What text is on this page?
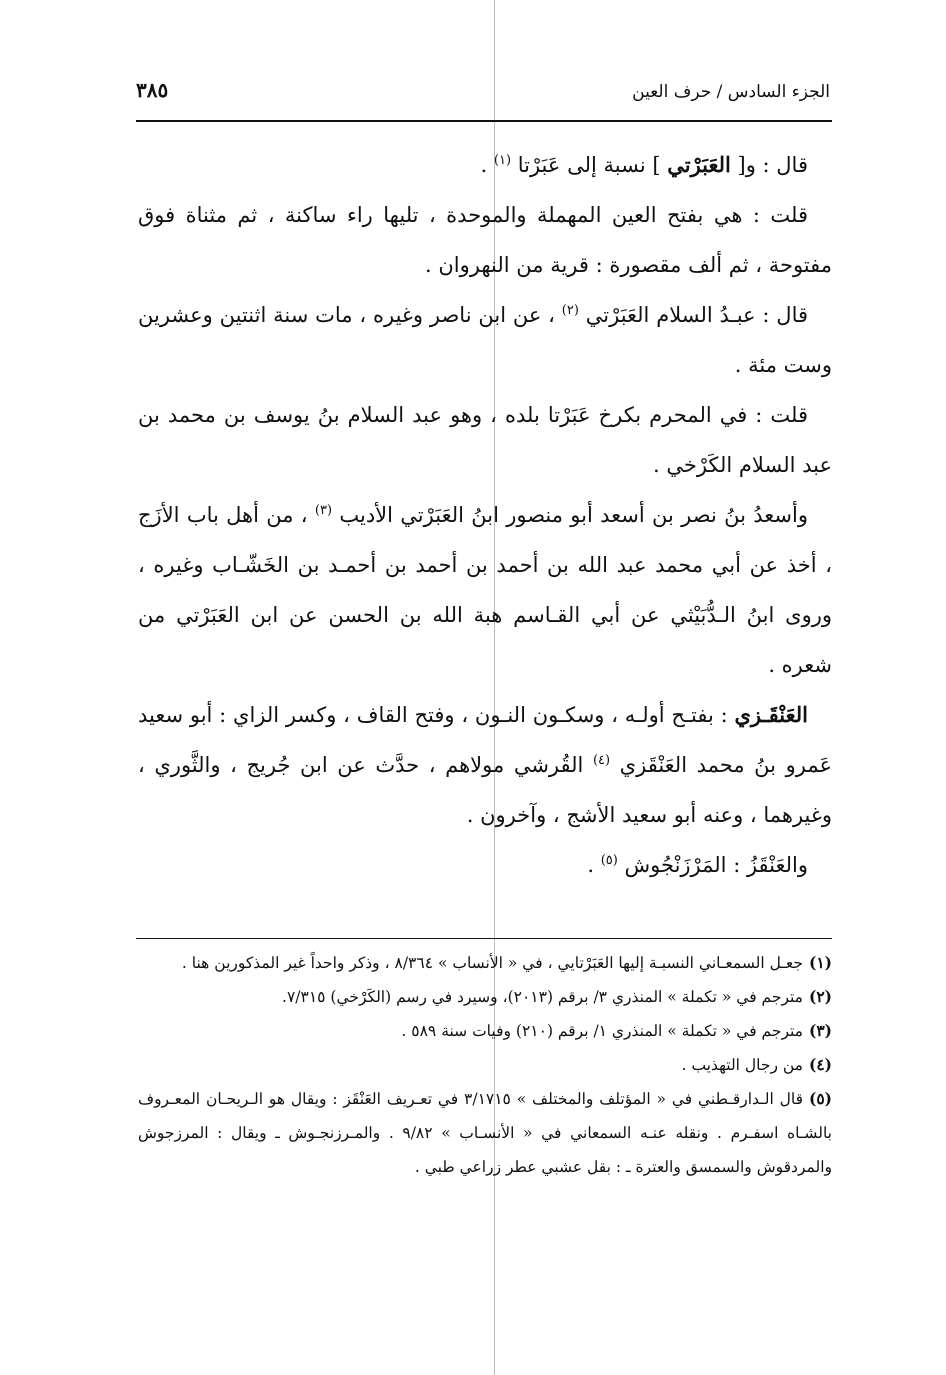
الجزء السادس / حرف العين
٣٨٥

قال : و[ العَبَرْتي ] نسبة إلى عَبَرْتا $^{(١)}$ .

قلت : هي بفتح العين المهملة والموحدة ، تليها راء ساكنة ، ثم مثناة فوق مفتوحة ، ثم ألف مقصورة : قرية من النهروان .

قال : عبـدُ السلام العَبَرْتي $^{(٢)}$ ، عن ابن ناصر وغيره ، مات سنة اثنتين وعشرين وست مئة .

قلت : في المحرم بكرخ عَبَرْتا بلده ، وهو عبد السلام بنُ يوسف بن محمد بن عبد السلام الكَرْخي .

وأسعدُ بنُ نصر بن أسعد أبو منصور ابنُ العَبَرْتي الأديب $^{(٣)}$ ، من أهل باب الأزَج ، أخذ عن أبي محمد عبد الله بن أحمد بن أحمد بن أحمـد بن الخَشّـاب وغيره ، وروى ابنُ الـدُّبَيْثي عن أبي القـاسم هبة الله بن الحسن عن ابن العَبَرْتي من شعره .

العَنْقَـزي : بفتـح أولـه ، وسكـون النـون ، وفتح القاف ، وكسر الزاي : أبو سعيد عَمرو بنُ محمد العَنْقَزي $^{(٤)}$ القُرشي مولاهم ، حدَّث عن ابن جُريج ، والثَّوري ، وغيرهما ، وعنه أبو سعيد الأشج ، وآخرون .

والعَنْقَزُ : المَرْزَنْجُوش $^{(٥)}$ .

(١)جعـل السمعـاني النسبـة إليها العَبَرْتايي ، في « الأنساب » ٨/٣٦٤ ، وذكر واحداً غير المذكورين هنا .

(٢)مترجم في « تكملة » المنذري ٣/ برقم (٢٠١٣)، وسيرد في رسم (الكَرْخي) ٧/٣١٥.

(٣)مترجم في « تكملة » المنذري ١/ برقم (٢١٠) وفيات سنة ٥٨٩ .

(٤)من رجال التهذيب .

(٥)قال الـدارقـطني في « المؤتلف والمختلف » ٣/١٧١٥ في تعـريف العَنْقَز : ويقال هو الـريحـان المعـروف بالشـاه اسفـرم . ونقله عنـه السمعاني في « الأنسـاب » ٩/٨٢ . والمـرزنجـوش ـ ويقال : المرزجوش والمردقوش والسمسق والعترة ـ : بقل عشبي عطر زراعي طبي .
